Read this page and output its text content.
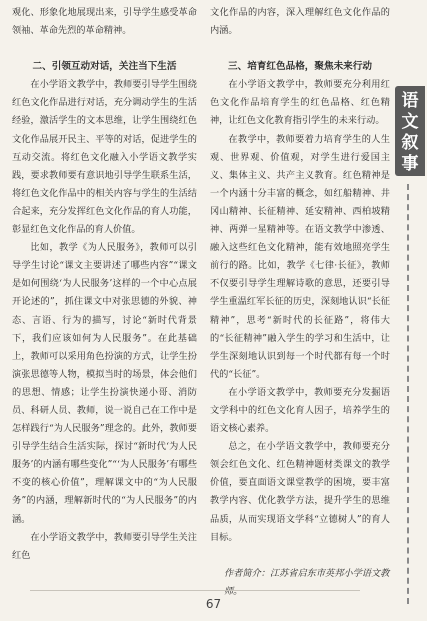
观化、形象化地展现出来，引导学生感受革命领袖、革命先烈的革命精神。

二、引领互动对话，关注当下生活

在小学语文教学中，教师要引导学生围绕红色文化作品进行对话，充分调动学生的生活经验，激活学生的文本思维，让学生围绕红色文化作品展开民主、平等的对话，促进学生的互动交流。将红色文化融入小学语文教学实践，要求教师要有意识地引导学生联系生活，将红色文化作品中的相关内容与学生的生活结合起来，充分发挥红色文化作品的育人功能，彰显红色文化作品的育人价值。

比如，教学《为人民服务》，教师可以引导学生讨论“课文主要讲述了哪些内容”“课文是如何围绕‘为人民服务’这样的一个中心点展开论述的”，抓住课文中对张思德的外貌、神态、言语、行为的描写，讨论“新时代背景下，我们应该如何为人民服务”。在此基础上，教师可以采用角色扮演的方式，让学生扮演张思德等人物，模拟当时的场景，体会他们的思想、情感；让学生扮演快递小哥、消防员、科研人员、教师，说一说自己在工作中是怎样践行“为人民服务”理念的。此外，教师要引导学生结合生活实际，探讨“新时代‘为人民服务’的内涵有哪些变化”“‘为人民服务’有哪些不变的核心价值”，理解课文中的“为人民服务”的内涵，理解新时代的“为人民服务”的内涵。

在小学语文教学中，教师要引导学生关注红色

文化作品的内容，深入理解红色文化作品的内涵。

三、培育红色品格，聚焦未来行动

在小学语文教学中，教师要充分利用红色文化作品培育学生的红色品格、红色精神，让红色文化教育指引学生的未来行动。

在教学中，教师要着力培育学生的人生观、世界观、价值观，对学生进行爱国主义、集体主义、共产主义教育。红色精神是一个内涵十分丰富的概念，如红船精神、井冈山精神、长征精神、延安精神、西柏坡精神、两弹一星精神等。在语文教学中渗透、融入这些红色文化精神，能有效地照亮学生前行的路。比如，教学《七律·长征》，教师不仅要引导学生理解诗歌的意思，还要引导学生重温红军长征的历史，深刻地认识“长征精神”，思考“新时代的长征路”，将伟大的“长征精神”融入学生的学习和生活中，让学生深刻地认识到每一个时代都有每一个时代的“长征”。

在小学语文教学中，教师要充分发掘语文学科中的红色文化育人因子，培养学生的语文核心素养。

总之，在小学语文教学中，教师要充分领会红色文化、红色精神题材类课文的教学价值，要直面语文课堂教学的困境，要丰富教学内容、优化教学方法，提升学生的思维品质，从而实现语文学科“立德树人”的育人目标。

作者简介：江苏省启东市英邦小学语文教师。

语
文
叙
事
67
